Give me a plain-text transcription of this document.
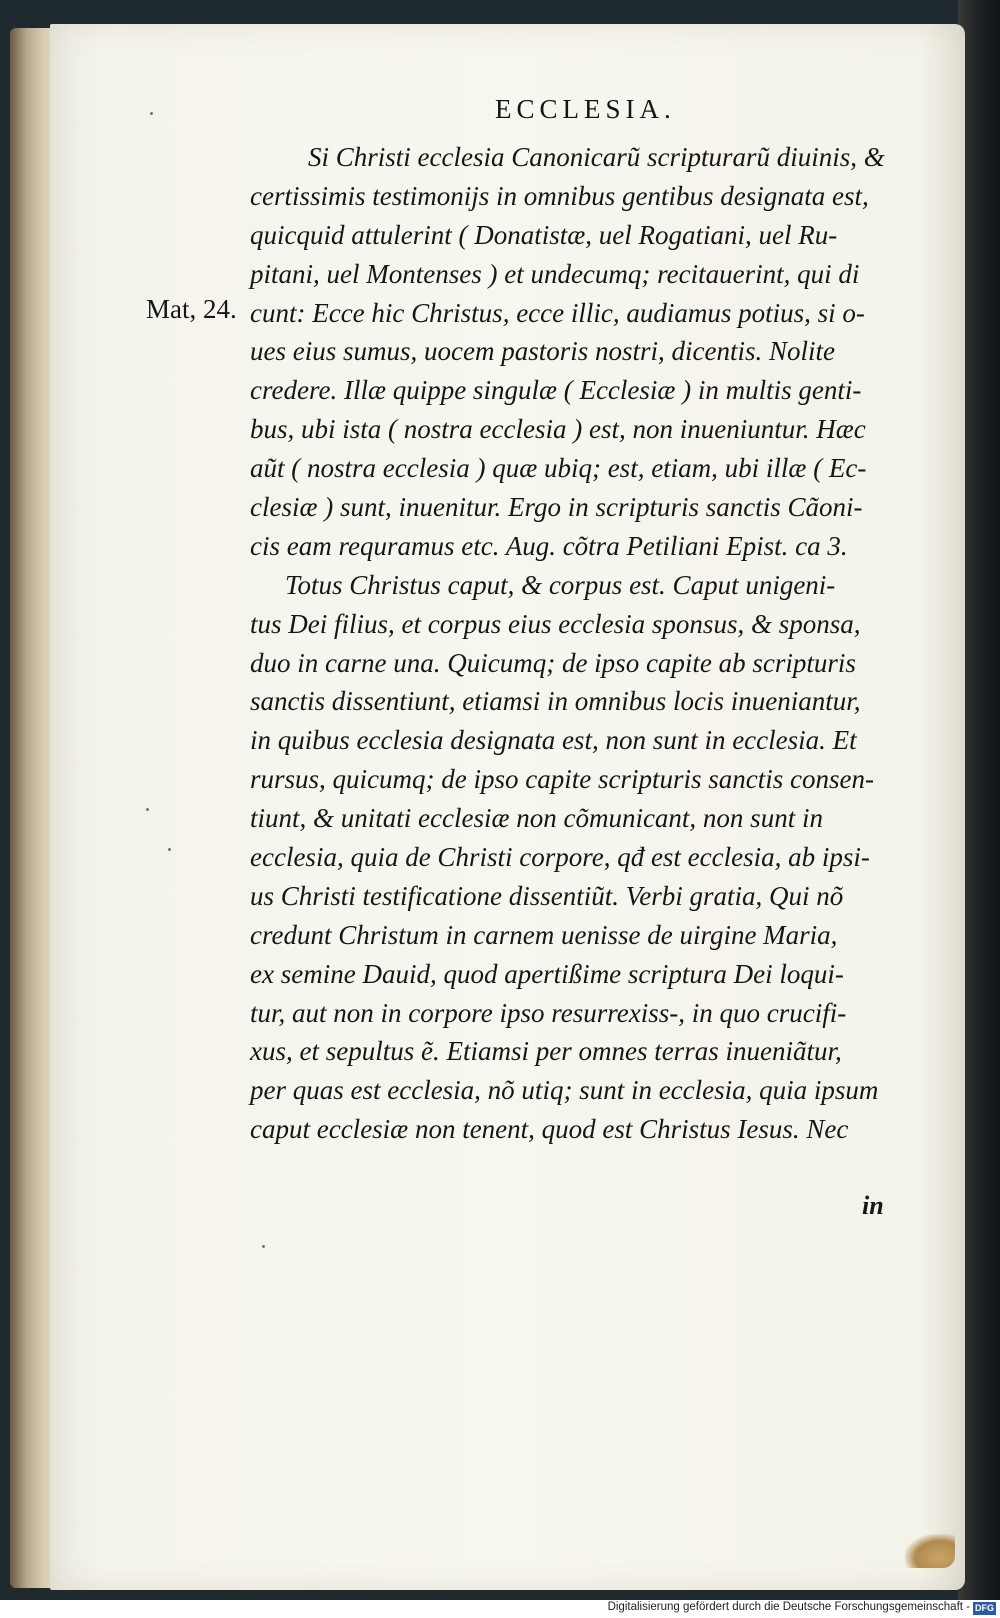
ECCLESIA.
Mat, 24.
Si Christi ecclesia Canonicarũ scripturarũ diuinis, &
certissimis testimonijs in omnibus gentibus designata est,
quicquid attulerint ( Donatistæ, uel Rogatiani, uel Ru‑
pitani, uel Montenses ) et undecumq; recitauerint, qui di
cunt: Ecce hic Christus, ecce illic, audiamus potius, si o‑
ues eius sumus, uocem pastoris nostri, dicentis. Nolite
credere. Illæ quippe singulæ ( Ecclesiæ ) in multis genti‑
bus, ubi ista ( nostra ecclesia ) est, non inueniuntur. Hæc
aũt ( nostra ecclesia ) quæ ubiq; est, etiam, ubi illæ ( Ec‑
clesiæ ) sunt, inuenitur. Ergo in scripturis sanctis Cãoni‑
cis eam requramus etc. Aug. cõtra Petiliani Epist. ca 3.
Totus Christus caput, & corpus est. Caput unigeni‑
tus Dei filius, et corpus eius ecclesia sponsus, & sponsa,
duo in carne una. Quicumq; de ipso capite ab scripturis
sanctis dissentiunt, etiamsi in omnibus locis inueniantur,
in quibus ecclesia designata est, non sunt in ecclesia. Et
rursus, quicumq; de ipso capite scripturis sanctis consen‑
tiunt, & unitati ecclesiæ non cõmunicant, non sunt in
ecclesia, quia de Christi corpore, qđ est ecclesia, ab ipsi‑
us Christi testificatione dissentiũt. Verbi gratia, Qui nõ
credunt Christum in carnem uenisse de uirgine Maria,
ex semine Dauid, quod apertißime scriptura Dei loqui‑
tur, aut non in corpore ipso resurrexiss‑, in quo crucifi‑
xus, et sepultus ẽ. Etiamsi per omnes terras inueniãtur,
per quas est ecclesia, nõ utiq; sunt in ecclesia, quia ipsum
caput ecclesiæ non tenent, quod est Christus Iesus. Nec
in
Digitalisierung gefördert durch die Deutsche Forschungsgemeinschaft - DFG
